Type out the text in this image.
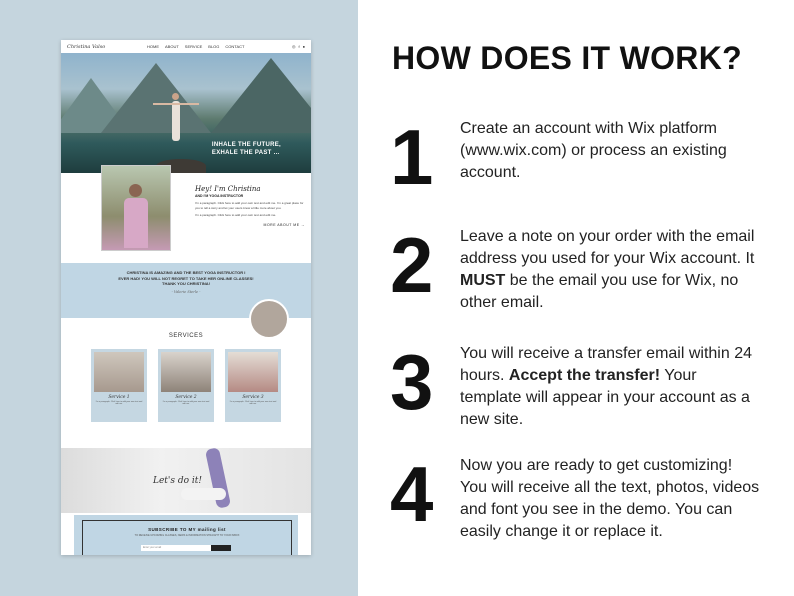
Christina Valso	HOME ABOUT SERVICE BLOG CONTACT	◎ f ●
INHALE THE FUTURE,
EXHALE THE PAST ...
Hey! I'm Christina
AND I'M YOGA INSTRUCTOR
I'm a paragraph. Click here to add your own text and edit me. I'm a great place for you to tell a story and let your users know a little more about you.
I'm a paragraph. Click here to add your own text and edit me.
MORE ABOUT ME →
CHRISTINA IS AMAZING AND THE BEST YOGA INSTRUCTOR I
EVER HAD! YOU WILL NOT REGRET TO TAKE HER ONLINE CLASSES!
THANK YOU CHRISTINA!
- Valerie Sterle -
SERVICES
Service 1
I'm a paragraph. Click here to add your own text and edit me.
Service 2
I'm a paragraph. Click here to add your own text and edit me.
Service 3
I'm a paragraph. Click here to add your own text and edit me.
Let's do it!
SUBSCRIBE TO MY mailing list
TO RECEIVE UPCOMING CLASSES, NEWS & INFORMATION STRAIGHT TO YOUR INBOX
Enter your email
HOW DOES IT WORK?
1 Create an account with Wix platform (www.wix.com) or process an existing account.
2 Leave a note on your order with the email address you used for your Wix account. It MUST be the email you use for Wix, no other email.
3 You will receive a transfer email within 24 hours. Accept the transfer! Your template will appear in your account as a new site.
4 Now you are ready to get customizing! You will receive all the text, photos, videos and font you see in the demo. You can easily change it or replace it.
